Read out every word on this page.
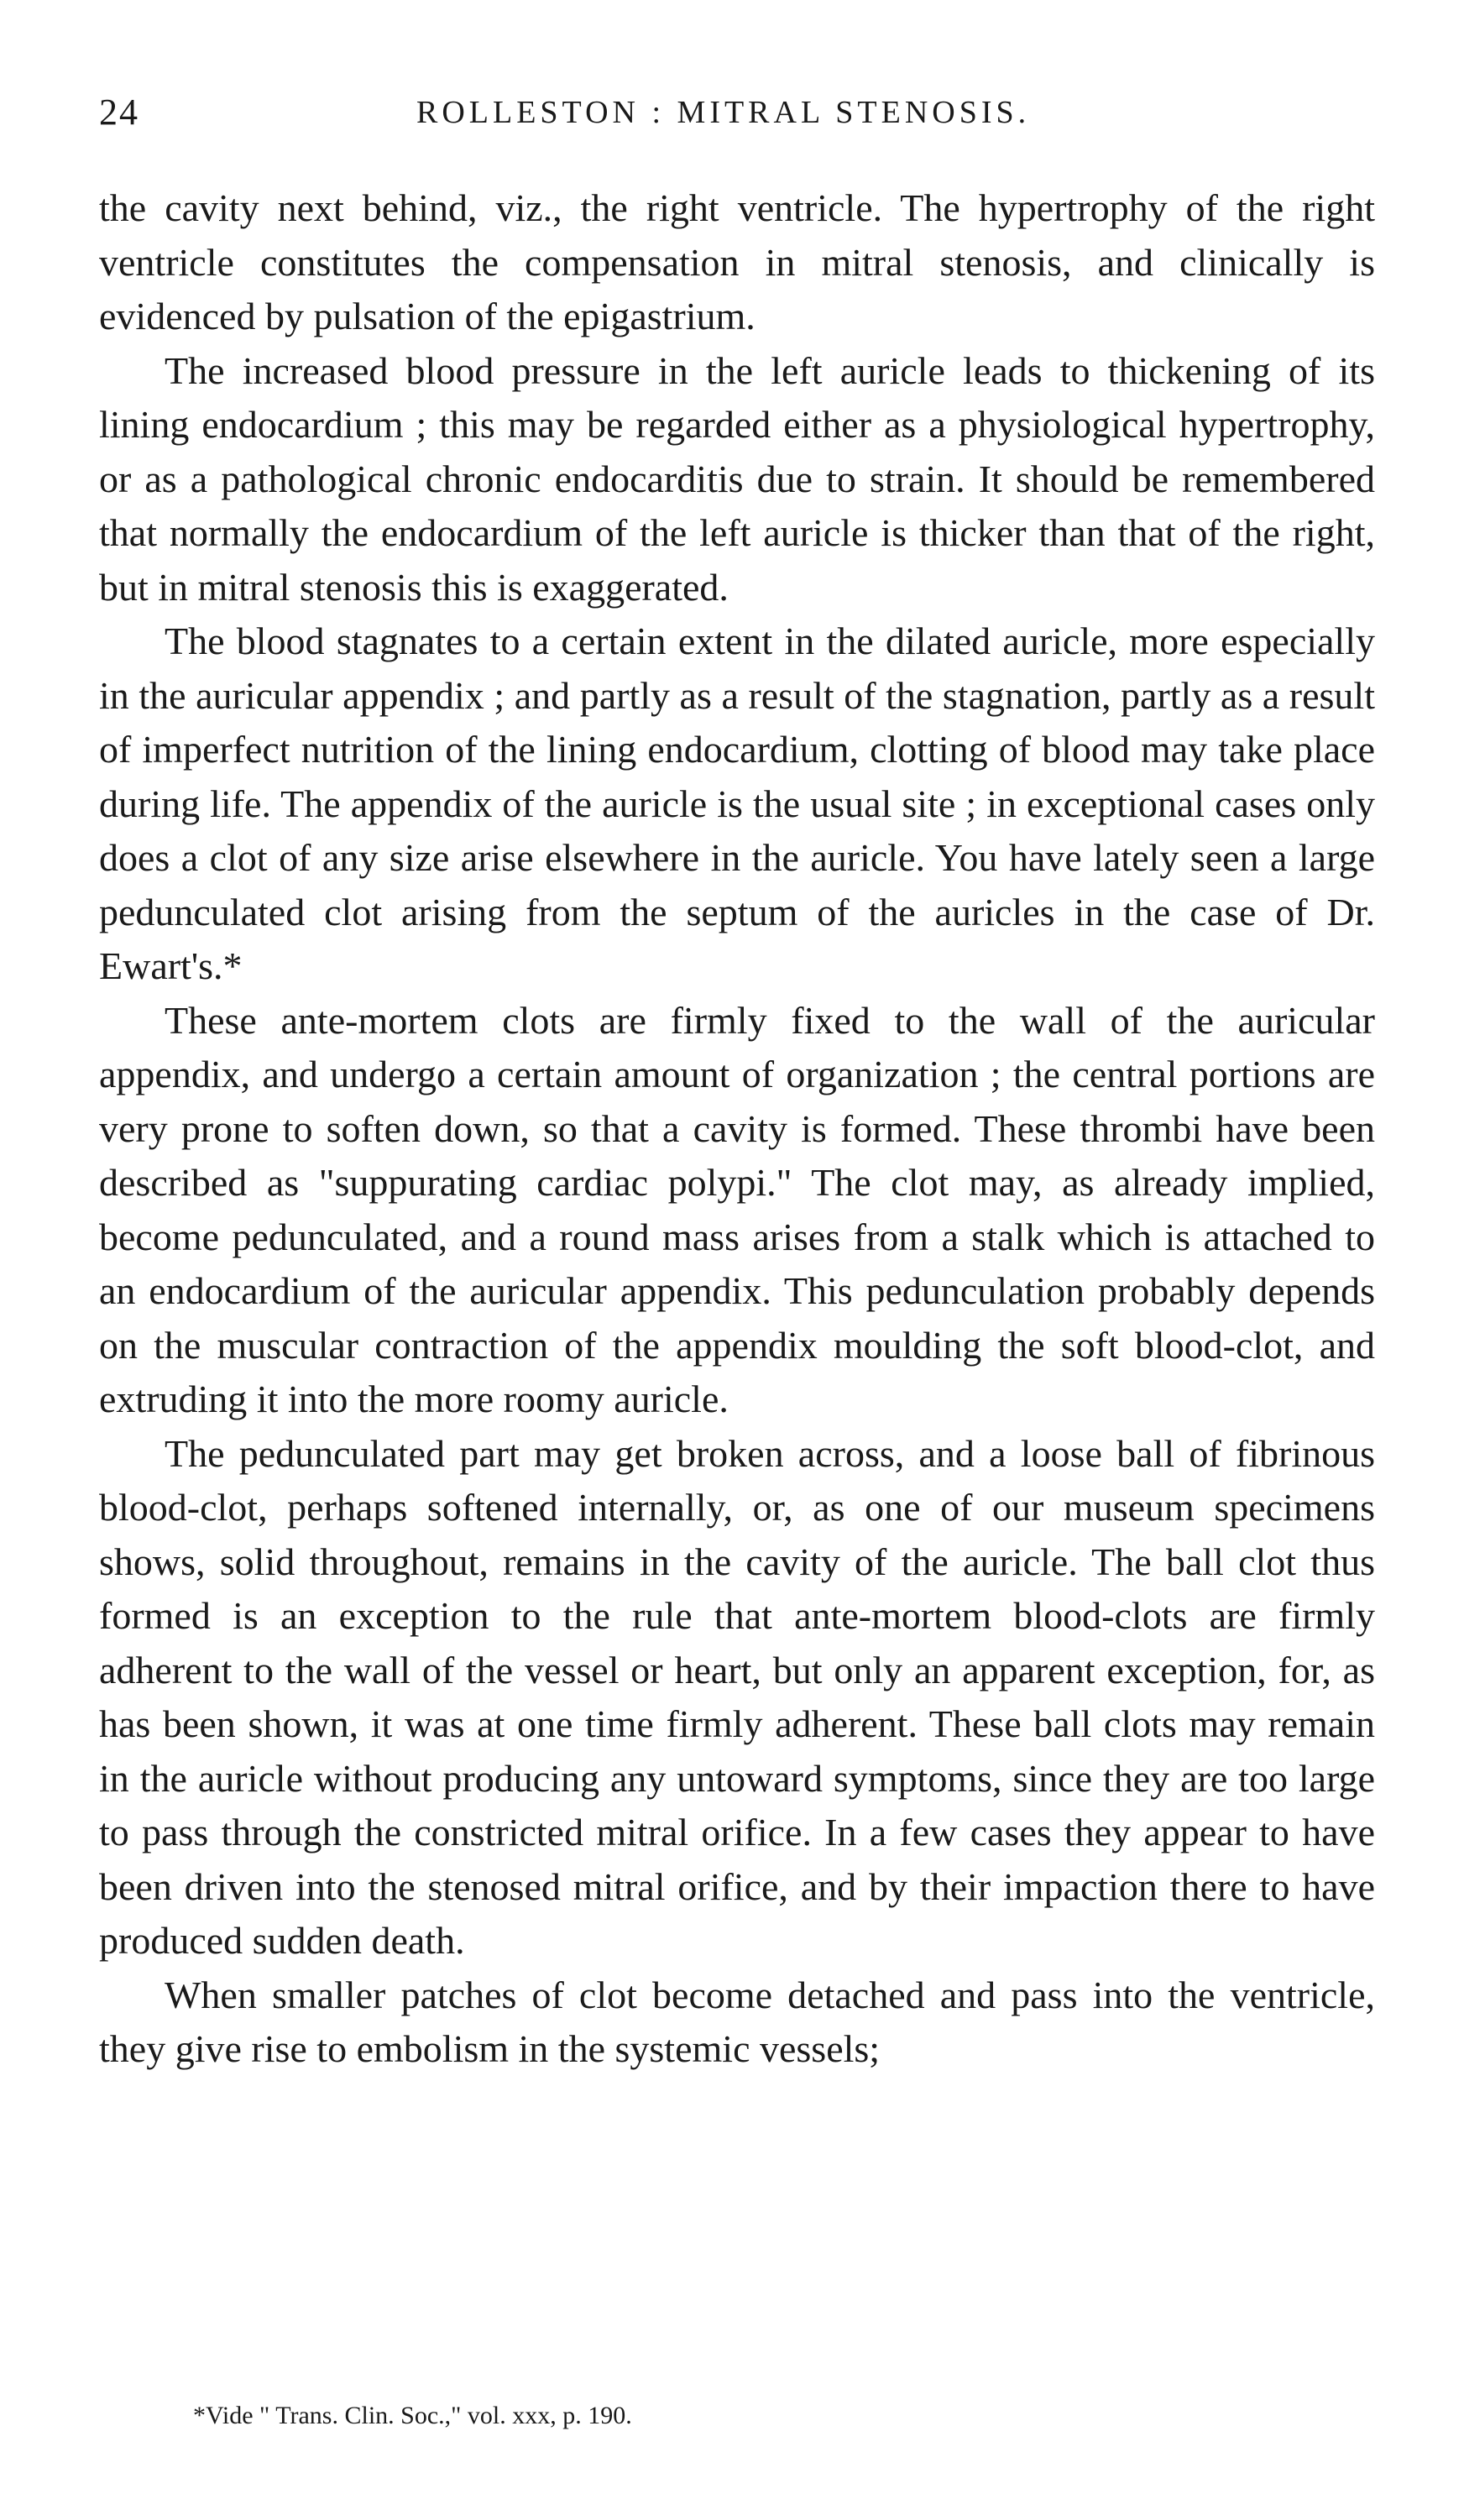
24	ROLLESTON : MITRAL STENOSIS.

the cavity next behind, viz., the right ventricle. The hypertrophy of the right ventricle constitutes the compensation in mitral stenosis, and clinically is evidenced by pulsation of the epigastrium.

The increased blood pressure in the left auricle leads to thickening of its lining endocardium ; this may be regarded either as a physiological hypertrophy, or as a pathological chronic endocarditis due to strain. It should be remembered that normally the endocardium of the left auricle is thicker than that of the right, but in mitral stenosis this is exaggerated.

The blood stagnates to a certain extent in the dilated auricle, more especially in the auricular appendix ; and partly as a result of the stagnation, partly as a result of imperfect nutrition of the lining endocardium, clotting of blood may take place during life. The appendix of the auricle is the usual site ; in exceptional cases only does a clot of any size arise elsewhere in the auricle. You have lately seen a large pedunculated clot arising from the septum of the auricles in the case of Dr. Ewart's.*

These ante-mortem clots are firmly fixed to the wall of the auricular appendix, and undergo a certain amount of organization ; the central portions are very prone to soften down, so that a cavity is formed. These thrombi have been described as "suppurating cardiac polypi." The clot may, as already implied, become pedunculated, and a round mass arises from a stalk which is attached to an endocardium of the auricular appendix. This pedunculation probably depends on the muscular contraction of the appendix moulding the soft blood-clot, and extruding it into the more roomy auricle.

The pedunculated part may get broken across, and a loose ball of fibrinous blood-clot, perhaps softened internally, or, as one of our museum specimens shows, solid throughout, remains in the cavity of the auricle. The ball clot thus formed is an exception to the rule that ante-mortem blood-clots are firmly adherent to the wall of the vessel or heart, but only an apparent exception, for, as has been shown, it was at one time firmly adherent. These ball clots may remain in the auricle without producing any untoward symptoms, since they are too large to pass through the constricted mitral orifice. In a few cases they appear to have been driven into the stenosed mitral orifice, and by their impaction there to have produced sudden death.

When smaller patches of clot become detached and pass into the ventricle, they give rise to embolism in the systemic vessels;

*Vide " Trans. Clin. Soc.," vol. xxx, p. 190.
